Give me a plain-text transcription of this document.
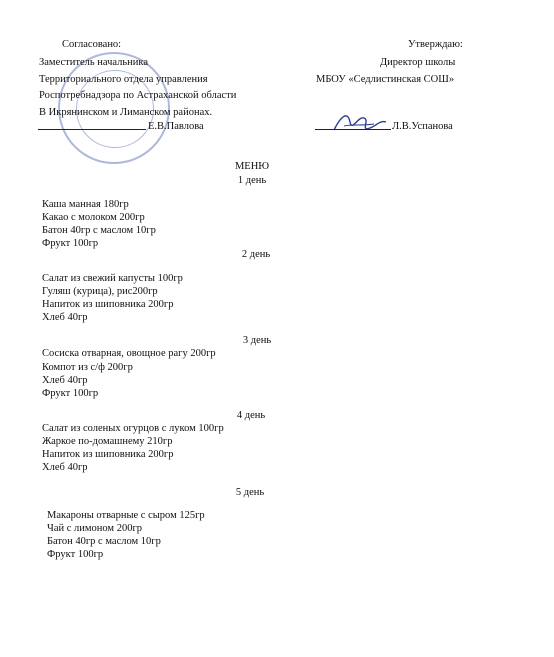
Согласовано:
Заместитель начальника
Территориального отдела управления
Роспотребнадзора по Астраханской области
В Икрянинском и Лиманском районах.
Е.В.Павлова
Утверждаю:
Директор школы
МБОУ «Седлистинская СОШ»
Л.В.Успанова
МЕНЮ
1 день
Каша манная 180гр
Какао с молоком 200гр
Батон 40гр с маслом 10гр
Фрукт 100гр
2 день
Салат из свежий капусты 100гр
Гуляш (курица), рис200гр
Напиток из шиповника 200гр
Хлеб 40гр
3 день
Сосиска отварная, овощное рагу 200гр
Компот из с/ф 200гр
Хлеб 40гр
Фрукт 100гр
4 день
Салат из соленых огурцов с луком 100гр
Жаркое по-домашнему 210гр
Напиток из шиповника 200гр
Хлеб 40гр
5 день
Макароны отварные с сыром 125гр
Чай с лимоном 200гр
Батон 40гр с маслом 10гр
Фрукт 100гр
